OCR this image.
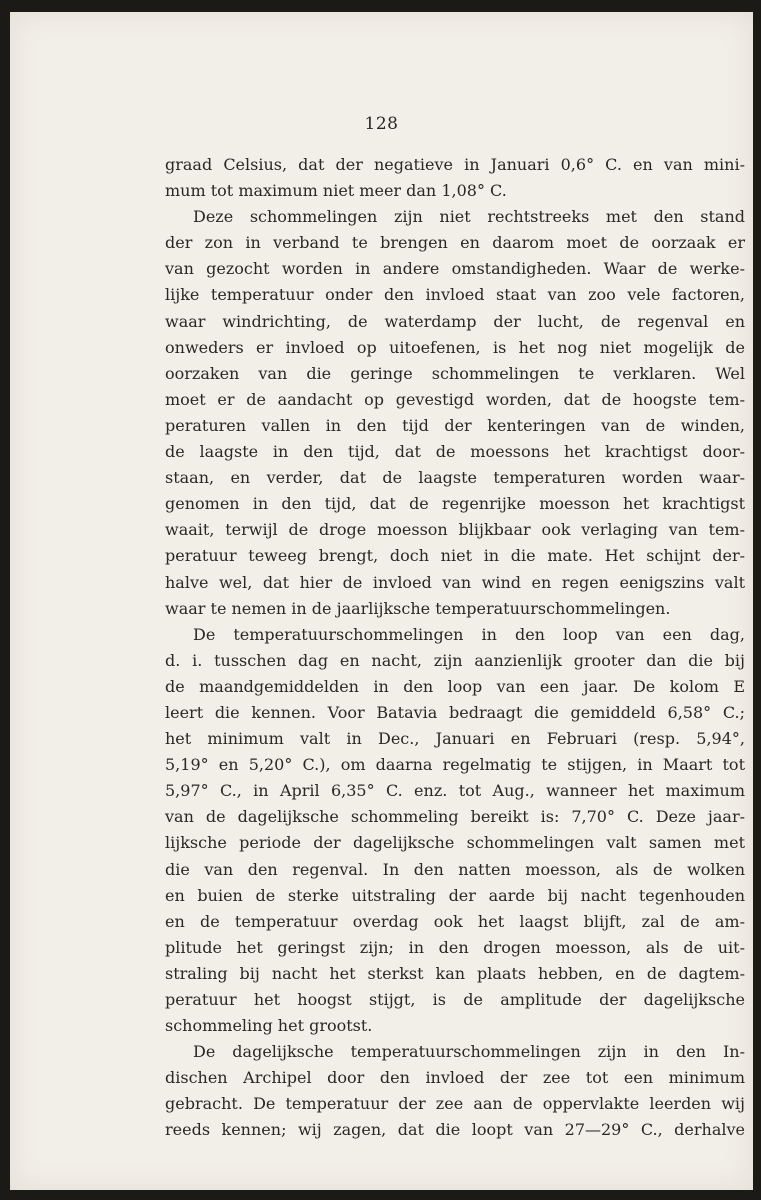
128
graad Celsius, dat der negatieve in Januari 0,6° C. en van mini-
mum tot maximum niet meer dan 1,08° C.
Deze schommelingen zijn niet rechtstreeks met den stand
der zon in verband te brengen en daarom moet de oorzaak er
van gezocht worden in andere omstandigheden. Waar de werke-
lijke temperatuur onder den invloed staat van zoo vele factoren,
waar windrichting, de waterdamp der lucht, de regenval en
onweders er invloed op uitoefenen, is het nog niet mogelijk de
oorzaken van die geringe schommelingen te verklaren. Wel
moet er de aandacht op gevestigd worden, dat de hoogste tem-
peraturen vallen in den tijd der kenteringen van de winden,
de laagste in den tijd, dat de moessons het krachtigst door-
staan, en verder, dat de laagste temperaturen worden waar-
genomen in den tijd, dat de regenrijke moesson het krachtigst
waait, terwijl de droge moesson blijkbaar ook verlaging van tem-
peratuur teweeg brengt, doch niet in die mate. Het schijnt der-
halve wel, dat hier de invloed van wind en regen eenigszins valt
waar te nemen in de jaarlijksche temperatuurschommelingen.
De temperatuurschommelingen in den loop van een dag,
d. i. tusschen dag en nacht, zijn aanzienlijk grooter dan die bij
de maandgemiddelden in den loop van een jaar. De kolom E
leert die kennen. Voor Batavia bedraagt die gemiddeld 6,58° C.;
het minimum valt in Dec., Januari en Februari (resp. 5,94°,
5,19° en 5,20° C.), om daarna regelmatig te stijgen, in Maart tot
5,97° C., in April 6,35° C. enz. tot Aug., wanneer het maximum
van de dagelijksche schommeling bereikt is: 7,70° C. Deze jaar-
lijksche periode der dagelijksche schommelingen valt samen met
die van den regenval. In den natten moesson, als de wolken
en buien de sterke uitstraling der aarde bij nacht tegenhouden
en de temperatuur overdag ook het laagst blijft, zal de am-
plitude het geringst zijn; in den drogen moesson, als de uit-
straling bij nacht het sterkst kan plaats hebben, en de dagtem-
peratuur het hoogst stijgt, is de amplitude der dagelijksche
schommeling het grootst.
De dagelijksche temperatuurschommelingen zijn in den In-
dischen Archipel door den invloed der zee tot een minimum
gebracht. De temperatuur der zee aan de oppervlakte leerden wij
reeds kennen; wij zagen, dat die loopt van 27—29° C., derhalve
